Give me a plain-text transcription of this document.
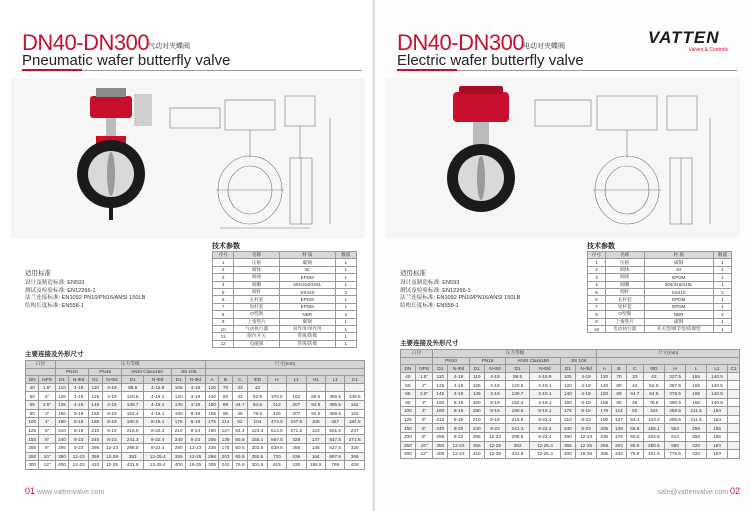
DN40-DN300
气动对夹蝶阀
Pneumatic wafer butterfly valve
技术参数
序号	名称	材 质	数量
1	压板	碳钢	1
2	阀体	DI	1
3	阀座	EPDM	1
4	阀瓣	304/316/316L	1
5	阀杆	SS410	2
6	长杆套	EPDM	1
7	短杆套	EPDM	1
8	O型圈	NBR	2
9	上推垫片	碳钢	1
10	气动执行器	双作用/单作用	1
11	限位开关	常规/防爆	1
12	电磁阀	常规/防爆	1
适用标准
设计及制造标准: EN593
测试及检验标准: EN12266-1
法兰连接标准: EN1092 PN10/PN16/ANSI 150LB
结构长度标准: EN558-1
主要连接及外形尺寸
口径		压力等级								尺寸(mm)								
		PN10		PN16		ANSI Class150		JIS 10K										
DN	NPS	D1	N-Φd	D1	N-Φd	D1	N-Φd	D1	N-Φd	A	B	C	ΦD	H	L1	H1	L1	C1
40	1.5"	110	4-19	110	4-19	98.5	4-15.9	105	4-19	120	70	33	43					
50	2"	125	4-19	125	4-19	120.6	4-19.1	120	4-19	140	80	42	52.9	376.5	162	80.5	365.5	139.5
65	2.5"	145	4-19	145	4-19	139.7	4-19.1	140	4-19	150	89	44.7	64.5	412	207	94.5	395.5	162
80	3"	160	8-19	160	8-19	152.4	4-19.1	150	8-19	158	95	46	78.8	426	207	94.5	409.5	162
100	4"	180	8-19	180	8-19	190.5	8-19.1	175	8-19	176	114	52	104	474.5	237.5	108	457	194.5
125	5"	210	8-19	210	8-19	215.9	8-22.4	210	8-23	190	127	54.4	123.4	514.5	271.5	123	501.5	237
150	6"	240	8-23	240	8-23	241.3	8-22.4	240	8-23	205	139	55.8	155.1	567.5	328	137	547.5	271.5
200	8"	295	8-23	295	12-23	298.5	8-22.4	290	12-23	235	175	60.6	202.5	639.5	366	148	627.5	328
250	10"	350	12-23	355	12-28	362	12-25.4	355	12-25	268	203	65.5	250.5	720	436	164	697.5	366
300	12"	400	12-23	410	12-28	431.8	12-25.4	400	16-25	305	242	76.9	301.5	815	430	186.5	799	428
01 www.vattenvalve.com
DN40-DN300
电动对夹蝶阀
Electric wafer butterfly valve
VATTEN
Valves & Controls
技术参数
序号	名称	材 质	数量
1	压板	碳钢	1
2	阀体	DI	1
3	阀座	EPDM	1
4	阀瓣	304/316/316L	1
5	阀杆	SS410	2
6	长杆套	EPDM	1
7	短杆套	EPDM	1
8	O型圈	NBR	2
9	上推垫片	碳钢	1
10	电动执行器	开关型/调节型/防爆型	1
适用标准
设计及制造标准: EN593
测试及检验标准: EN12266-1
法兰连接标准: EN1092 PN10/PN16/ANSI 150LB
结构长度标准: EN558-1
主要连接及外形尺寸
口径		压力等级								尺寸(mm)							
		PN10		PN16		ANSI Class150		JIS 10K									
DN	NPS	D1	N-Φd	D1	N-Φd	D1	N-Φd	D1	N-Φd	A	B	C	ΦD	H	L	L1	C1
40	1.5"	110	4-19	110	4-19	98.5	4-15.9	105	4-19	120	70	33	43	327.5	165	140.5	
50	2"	125	4-19	125	4-19	120.6	4-19.1	120	4-19	140	80	42	52.9	357.5	165	140.5	
65	2.5"	145	4-19	145	4-19	139.7	4-19.1	140	4-19	150	89	44.7	64.5	376.5	165	140.5	
80	3"	160	8-19	160	8-19	152.4	4-19.1	150	8-19	158	95	46	78.8	390.5	165	140.5	
100	4"	180	8-19	180	8-19	190.5	8-19.1	175	8-19	176	114	52	104	458.5	211.5	154	
125	5"	210	8-19	210	8-19	215.9	8-22.4	210	8-23	190	127	54.4	123.4	495.5	211.5	154	
150	6"	240	8-23	240	8-23	241.3	8-22.4	240	8-23	205	139	55.8	155.1	553	259	186	
200	8"	295	8-23	295	12-23	298.5	8-22.4	290	12-23	235	175	60.6	202.5	613	259	186	
250	10"	350	12-23	355	12-28	362	12-25.4	355	12-25	268	203	65.5	250.5	680	320	193	
300	12"	400	12-23	410	12-28	431.8	12-25.4	400	16-25	305	242	76.9	301.5	776.5	320	193	
sale@vattenvalve.com 02
